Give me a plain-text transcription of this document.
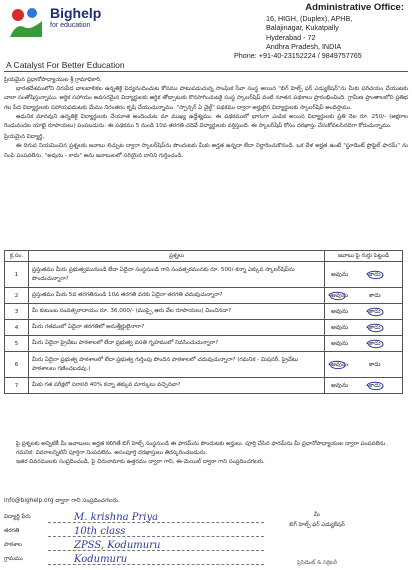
Bighelp
for education
A Catalyst For Better Education
Administrative Office:
16, HIGH, (Duplex), APHB,
Balajinagar, Kukatpally
Hyderabad - 72
Andhra Pradesh, INDIA
Phone: +91-40-23152224 / 9849757765

ప్రియమైన ప్రధానోపాధ్యాయుల శ్రీ గ్రామాధికారి,

భారతదేశములోని నిరుపేద బాలబాలికల ఉన్నతికై విద్యనందించుట కోసము పాటుపడుచున్న సాంఘిక సేవా సంస్థ అయిన "బిగ్ హెల్ప్ ఫర్ ఎడ్యుకేషన్"ను మీకు పరిచయం చేయుటకు చాలా సంతోషిస్తున్నాము. అర్థిక సహాయం అవసరమైన విద్యార్థులకు ఆర్థిక తోడ్పాటుకు కొనసాగించుటకై సంస్థ స్కాలర్‌షిప్ వంటి నూతన పథకాలు ప్రారంభించింది. గ్రామీణ ప్రాంతాలలోని ప్రతిభ గల పేద విద్యార్థులకు సహాయపడుటకు మేము నిరంతరం కృషి చేయుచున్నాము. "స్పాన్సర్ ఏ చైల్డ్" పథకము ద్వారా అర్హులైన విద్యార్థులకు స్కాలర్‌షిప్ అందిస్తాము.

ఆధునిక మానవుని ఉన్నతికై విద్యార్థులకు చేయూత అందించుట మా ముఖ్య ఉద్దేశ్యము. ఈ పథకములో భాగంగా ఎంపిక అయిన విద్యార్థులకు ప్రతి నెల రూ. 250/- (అక్షరాల రెండువందల యాభై రూపాయలు) పంపబడును. ఈ పథకము 5 నుండి 10వ తరగతి చదివే విద్యార్థులకు వర్తిస్తుంది. ఈ స్కాలర్‌షిప్ కోసం దరఖాస్తు చేసుకోవలసినదిగా కోరుచున్నాము.

ప్రియమైన విద్యార్థి,

ఈ దిగువ నియమించిన ప్రశ్నలకు జవాబు లిచ్చుట ద్వారా స్కాలర్‌షిప్‌ను పొందుటకు మీకు అర్హత ఉన్నదా లేదా నిర్ధారించుకొనండి. ఒక వేళ అర్హత ఉంటే "స్టూడెంట్ ప్రొఫైల్ ఫారమ్" ను నింపి పంపవలెను. "అవును - కాదు" అను జవాబులలో సరియైన దానిని గుర్తించండి.

క్ర.సం.	ప్రశ్నలు	జవాబు పై గుర్తు పెట్టండి
1	ప్రస్తుతము మీరు ప్రభుత్వమునుండి లేదా ఏదైనా సంస్థనుండి గాని సంవత్సరమునకు రూ. 500/-కన్నా ఎక్కువ స్కాలర్‌షిప్‌ను పొందుచున్నారా?	అవును కాదు

2	ప్రస్తుతము మీరు 5వ తరగతినుండి 10వ తరగతి వరకు ఏదైనా తరగతి చదువుచున్నారా?	అవును కాదు

3	మీ కుటుంబ సంవత్సరాదాయం రూ. 36,000/- (ముప్పై ఆరు వేల రూపాయలు) మించినదా?	అవును కాదు

4	మీరు గతములో ఏదైనా తరగతిలో అనుత్తీర్ణులైనారా?	అవును కాదు

5	మీరు ఏదైనా ప్రైవేటు పాఠశాలలో లేదా ప్రభుత్వ వసతి గృహములో నివసించుచున్నారా?	అవును కాదు

6	మీరు ఏదైనా ప్రభుత్వ పాఠశాలలో లేదా ప్రభుత్వ గుర్తింపు పొందిన పాఠశాలలో చదువుచున్నారా? (గమనిక - మిషనరీ, ప్రైవేటు పాఠశాలలు గణించబడవు.)	అవును కాదు

7	మీకు గత పరీక్షలో సరాసరి 40% కన్నా తక్కువ మార్కులు వచ్చినవా?	అవును కాదు

పై ప్రశ్నలకు అన్నిటికీ మీ జవాబులు అర్హత కలిగితే బిగ్ హెల్ప్ సంస్థనుండి ఈ ఫారమ్‌ను పొందుటకు అర్హులు. పూర్తి చేసిన ఫారమ్‌ను మీ ప్రధానోపాధ్యాయుల ద్వారా పంపవలెను.

గమనిక: వివరాలన్నిటినీ పూర్తిగా నింపవలెను. అసంపూర్తి దరఖాస్తులు తిరస్కరించబడును.

ఇతర వివరములకు సంప్రదించండి, పై చిరునామాకు ఉత్తరము ద్వారా గాని, ఈ-మెయిల్ ద్వారా గాని సంప్రదించగలరు.

info@bighelp.org ద్వారా గాని సంప్రదించగలరు.
విద్యార్థి పేరు	M. krishna Priya
తరగతి	10th class
పాఠశాల	ZPSS, Kodumuru
గ్రామము	Kodumuru
మీ
బిగ్ హెల్ప్ ఫర్ ఎడ్యుకేషన్
ప్రెసిడెంట్ & సెక్రెటరీ
